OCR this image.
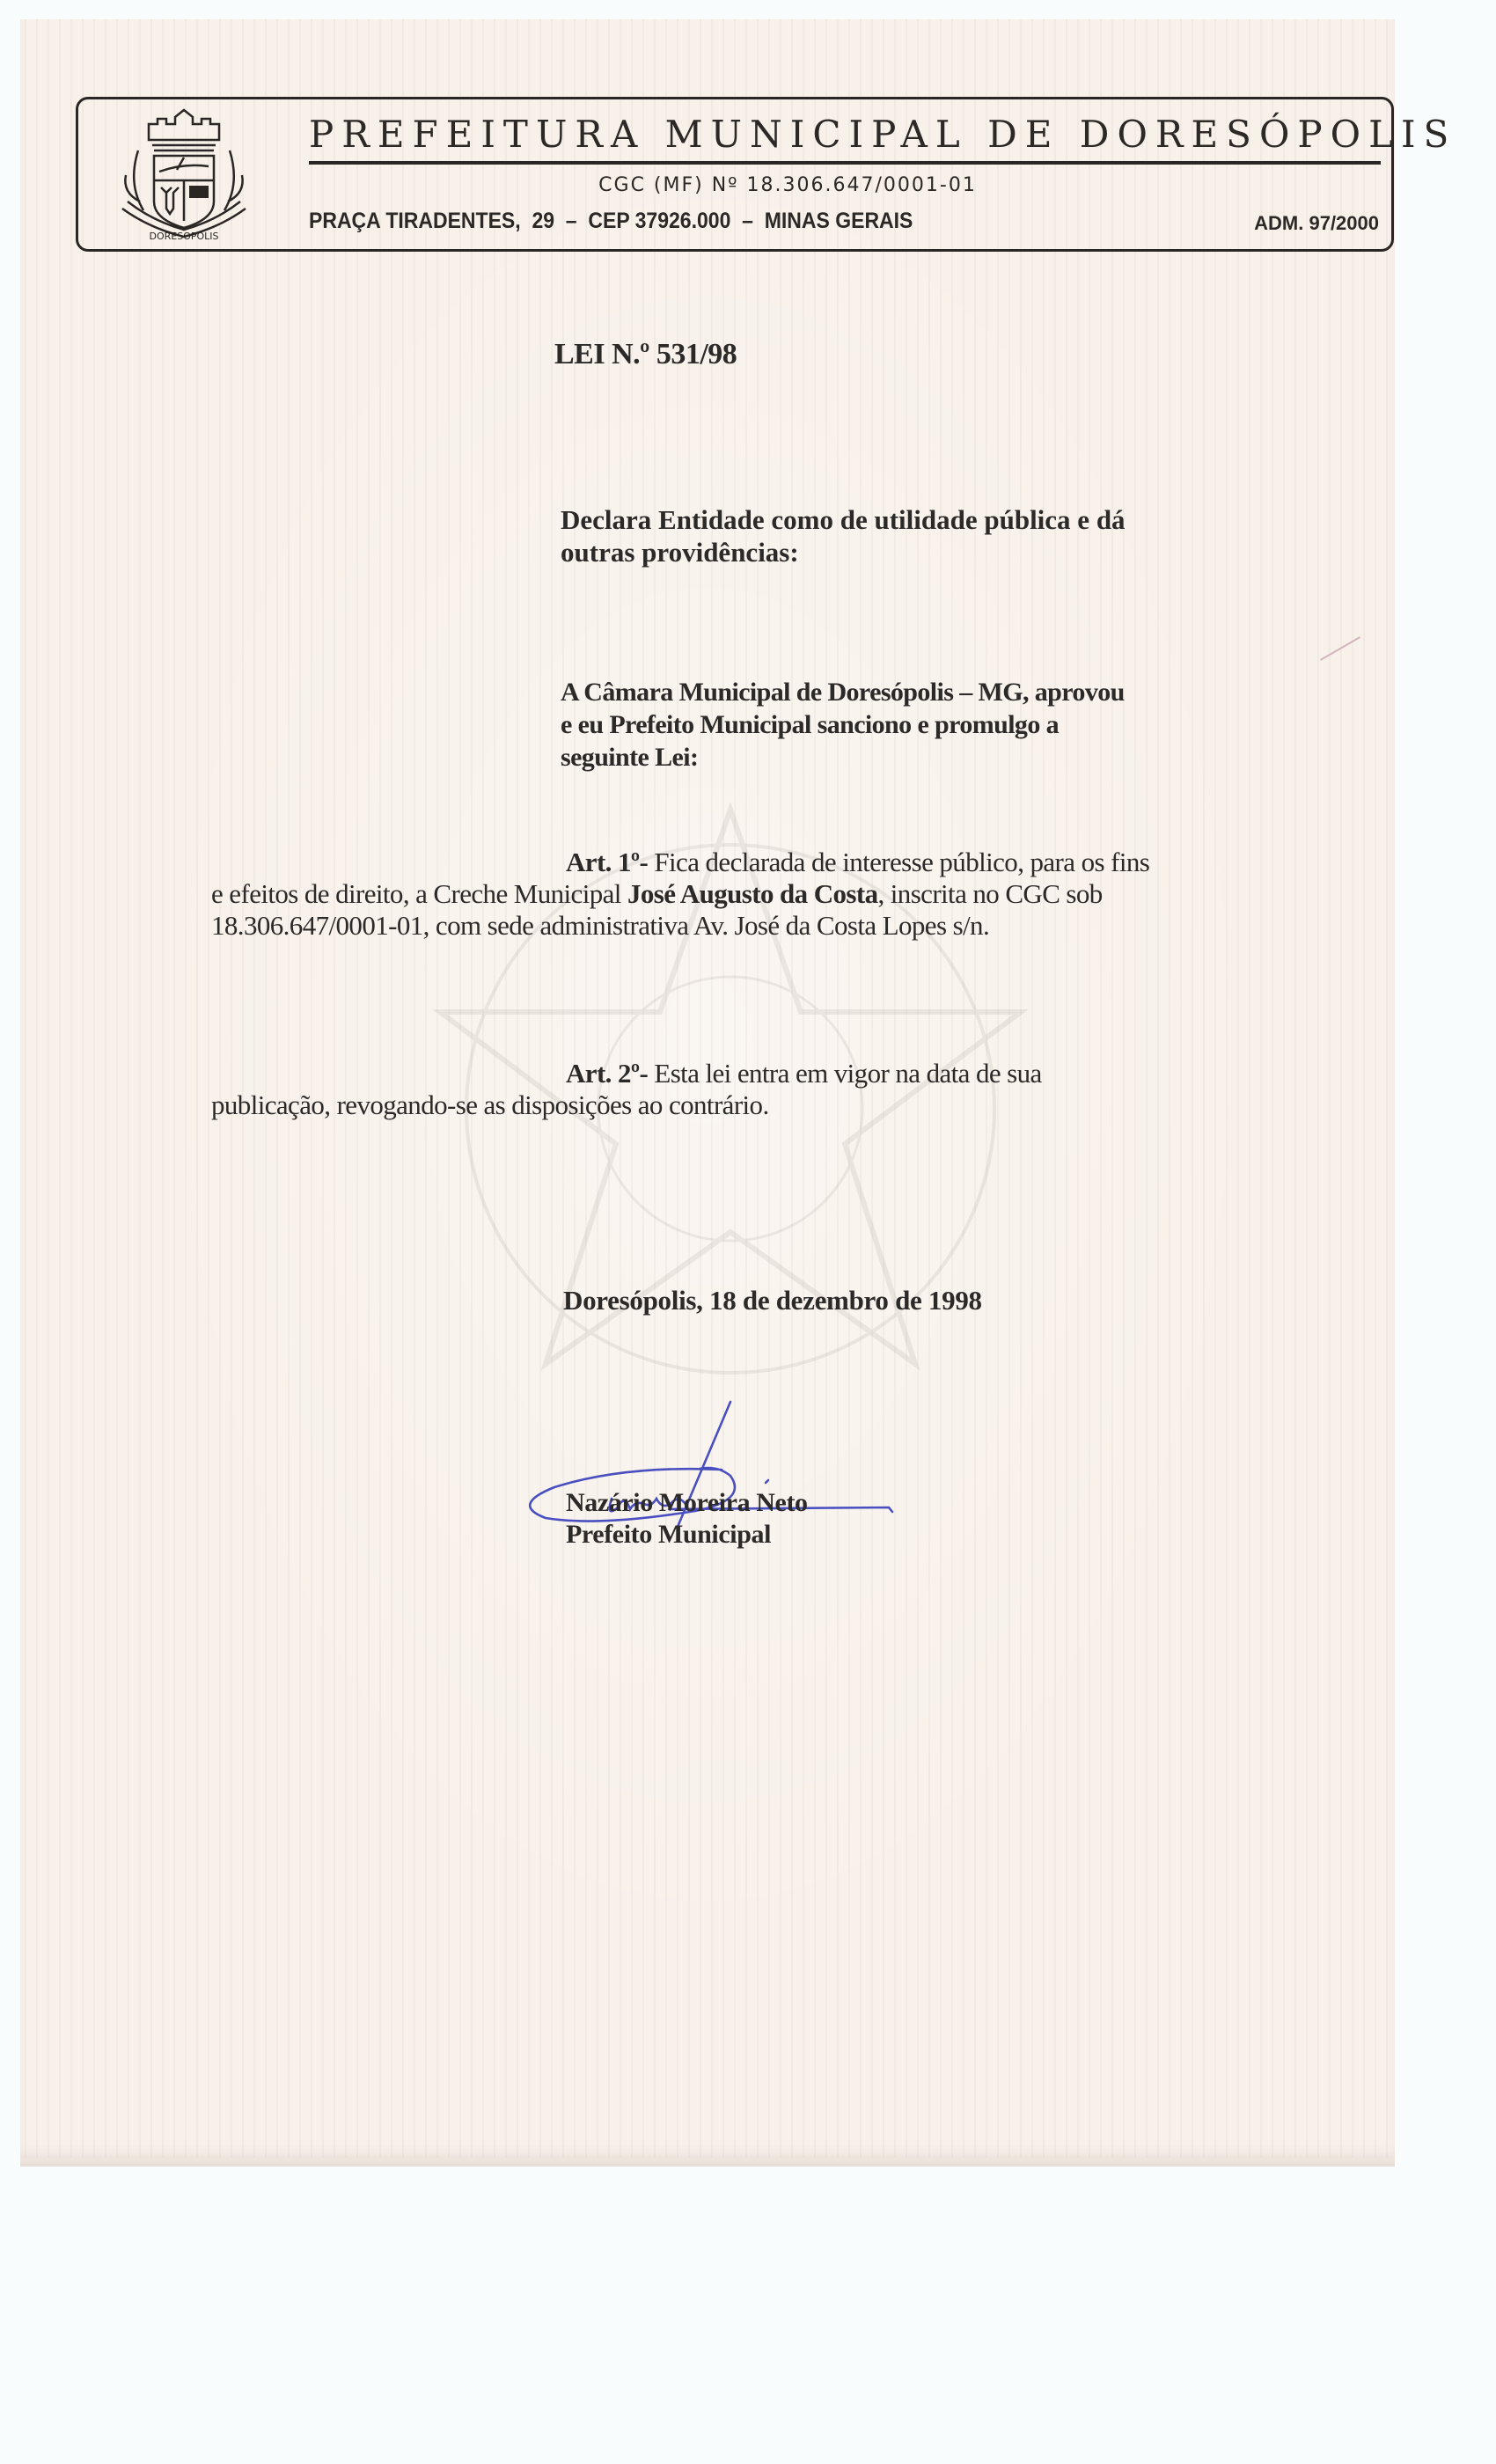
DORESOPOLIS
PREFEITURA MUNICIPAL DE DORESÓPOLIS
CGC (MF) Nº 18.306.647/0001-01
PRAÇA TIRADENTES,  29  –  CEP 37926.000  –  MINAS GERAIS	ADM. 97/2000
LEI N.º 531/98
Declara Entidade como de utilidade pública e dá
outras providências:
A Câmara Municipal de Doresópolis – MG, aprovou
e eu Prefeito Municipal sanciono e promulgo a
seguinte Lei:
Art. 1º- Fica declarada de interesse público, para os fins
e efeitos de direito, a Creche Municipal José Augusto da Costa, inscrita no CGC sob
18.306.647/0001-01, com sede administrativa Av. José da Costa Lopes s/n.
Art. 2º- Esta lei entra em vigor na data de sua
publicação, revogando-se as disposições ao contrário.
Doresópolis, 18 de dezembro de 1998
Nazário Moreira Neto
Prefeito Municipal
